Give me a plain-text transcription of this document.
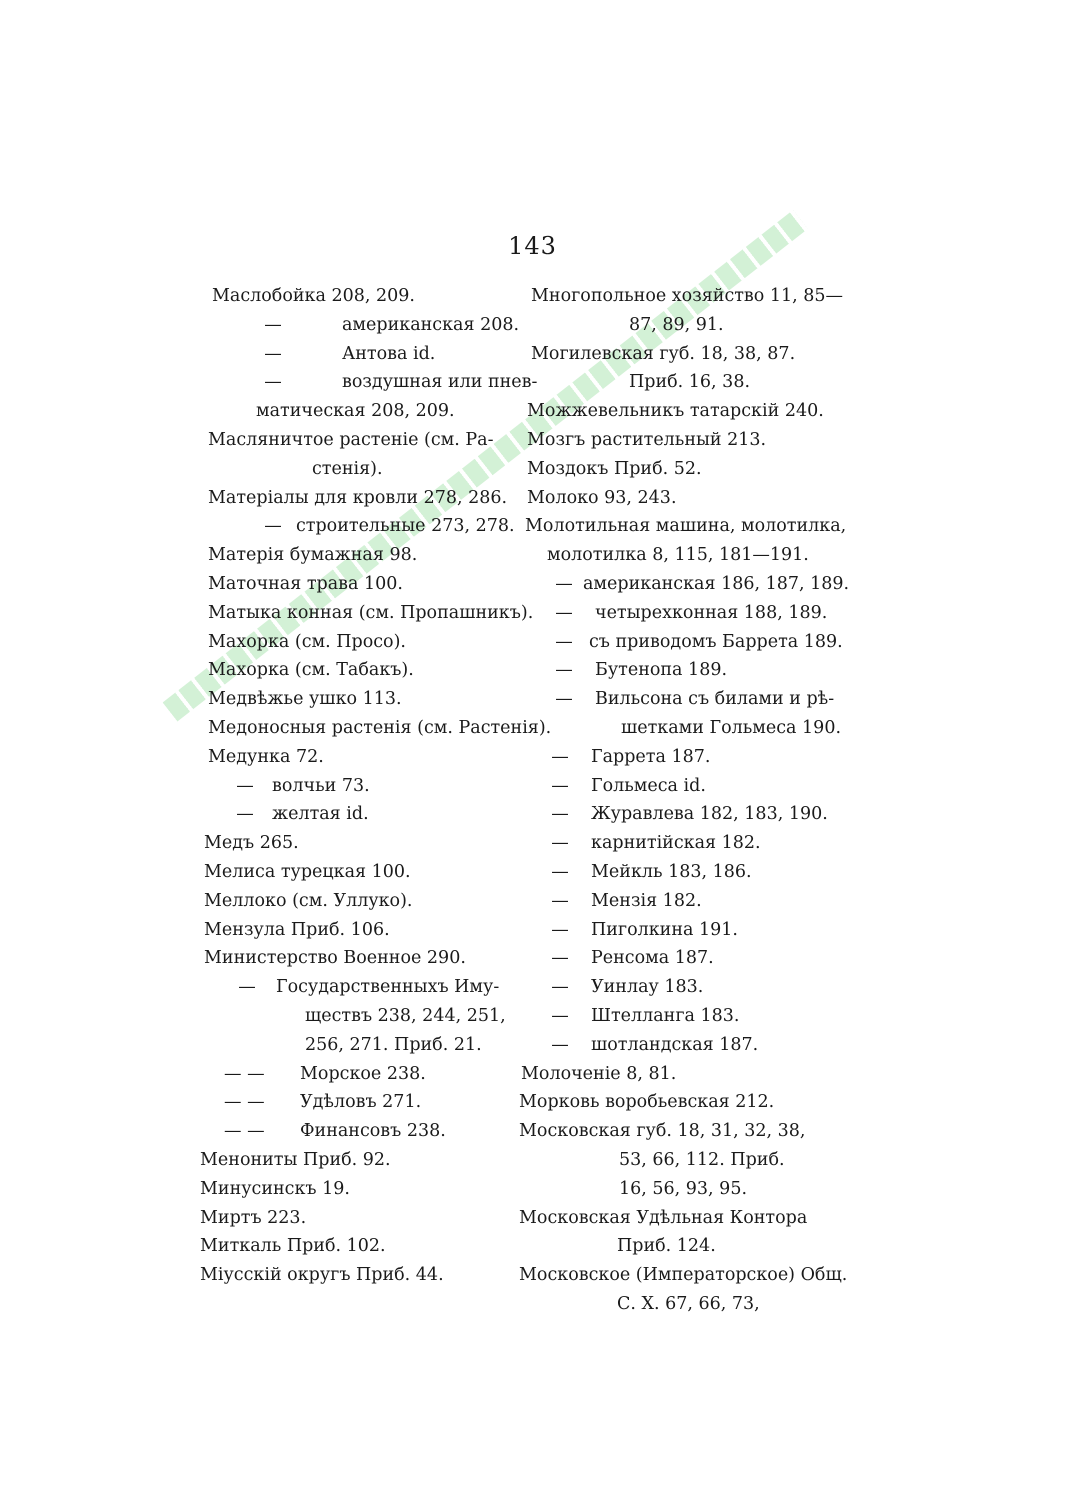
143
Маслобойка 208, 209.
—	американская 208.
—	Антова id.
—	воздушная или пнев-
матическая 208, 209.
Масляничтое растеніе (см. Ра-
стенія).
Матеріалы для кровли 278, 286.
— строительные 273, 278.
Матерія бумажная 98.
Маточная трава 100.
Матыка конная (см. Пропашникъ).
Махорка (см. Просо).
Махорка (см. Табакъ).
Медвѣжье ушко 113.
Медоносныя растенія (см. Растенія).
Медунка 72.
— волчьи 73.
— желтая id.
Медъ 265.
Мелиса турецкая 100.
Меллоко (см. Уллуко).
Мензула Приб. 106.
Министерство Военное 290.
— Государственныхъ Иму-
ществъ 238, 244, 251,
256, 271. Приб. 21.
— — Морское 238.
— — Удѣловъ 271.
— — Финансовъ 238.
Менониты Приб. 92.
Минусинскъ 19.
Миртъ 223.
Миткаль Приб. 102.
Міусскій округъ Приб. 44.
Многопольное хозяйство 11, 85—
87, 89, 91.
Могилевская губ. 18, 38, 87.
Приб. 16, 38.
Можжевельникъ татарскій 240.
Мозгъ растительный 213.
Моздокъ Приб. 52.
Молоко 93, 243.
Молотильная машина, молотилка,
молотилка 8, 115, 181—191.
— американская 186, 187, 189.
— четырехконная 188, 189.
— съ приводомъ Баррета 189.
— Бутенопа 189.
— Вильсона съ билами и рѣ-
шетками Гольмеса 190.
— Гаррета 187.
— Гольмеса id.
— Журавлева 182, 183, 190.
— карнитійская 182.
— Мейкль 183, 186.
— Мензія 182.
— Пиголкина 191.
— Ренсома 187.
— Уинлау 183.
— Штелланга 183.
— шотландская 187.
Молоченіе 8, 81.
Морковь воробьевская 212.
Московская губ. 18, 31, 32, 38,
53, 66, 112. Приб.
16, 56, 93, 95.
Московская Удѣльная Контора
Приб. 124.
Московское (Императорское) Общ.
С. Х. 67, 66, 73,
